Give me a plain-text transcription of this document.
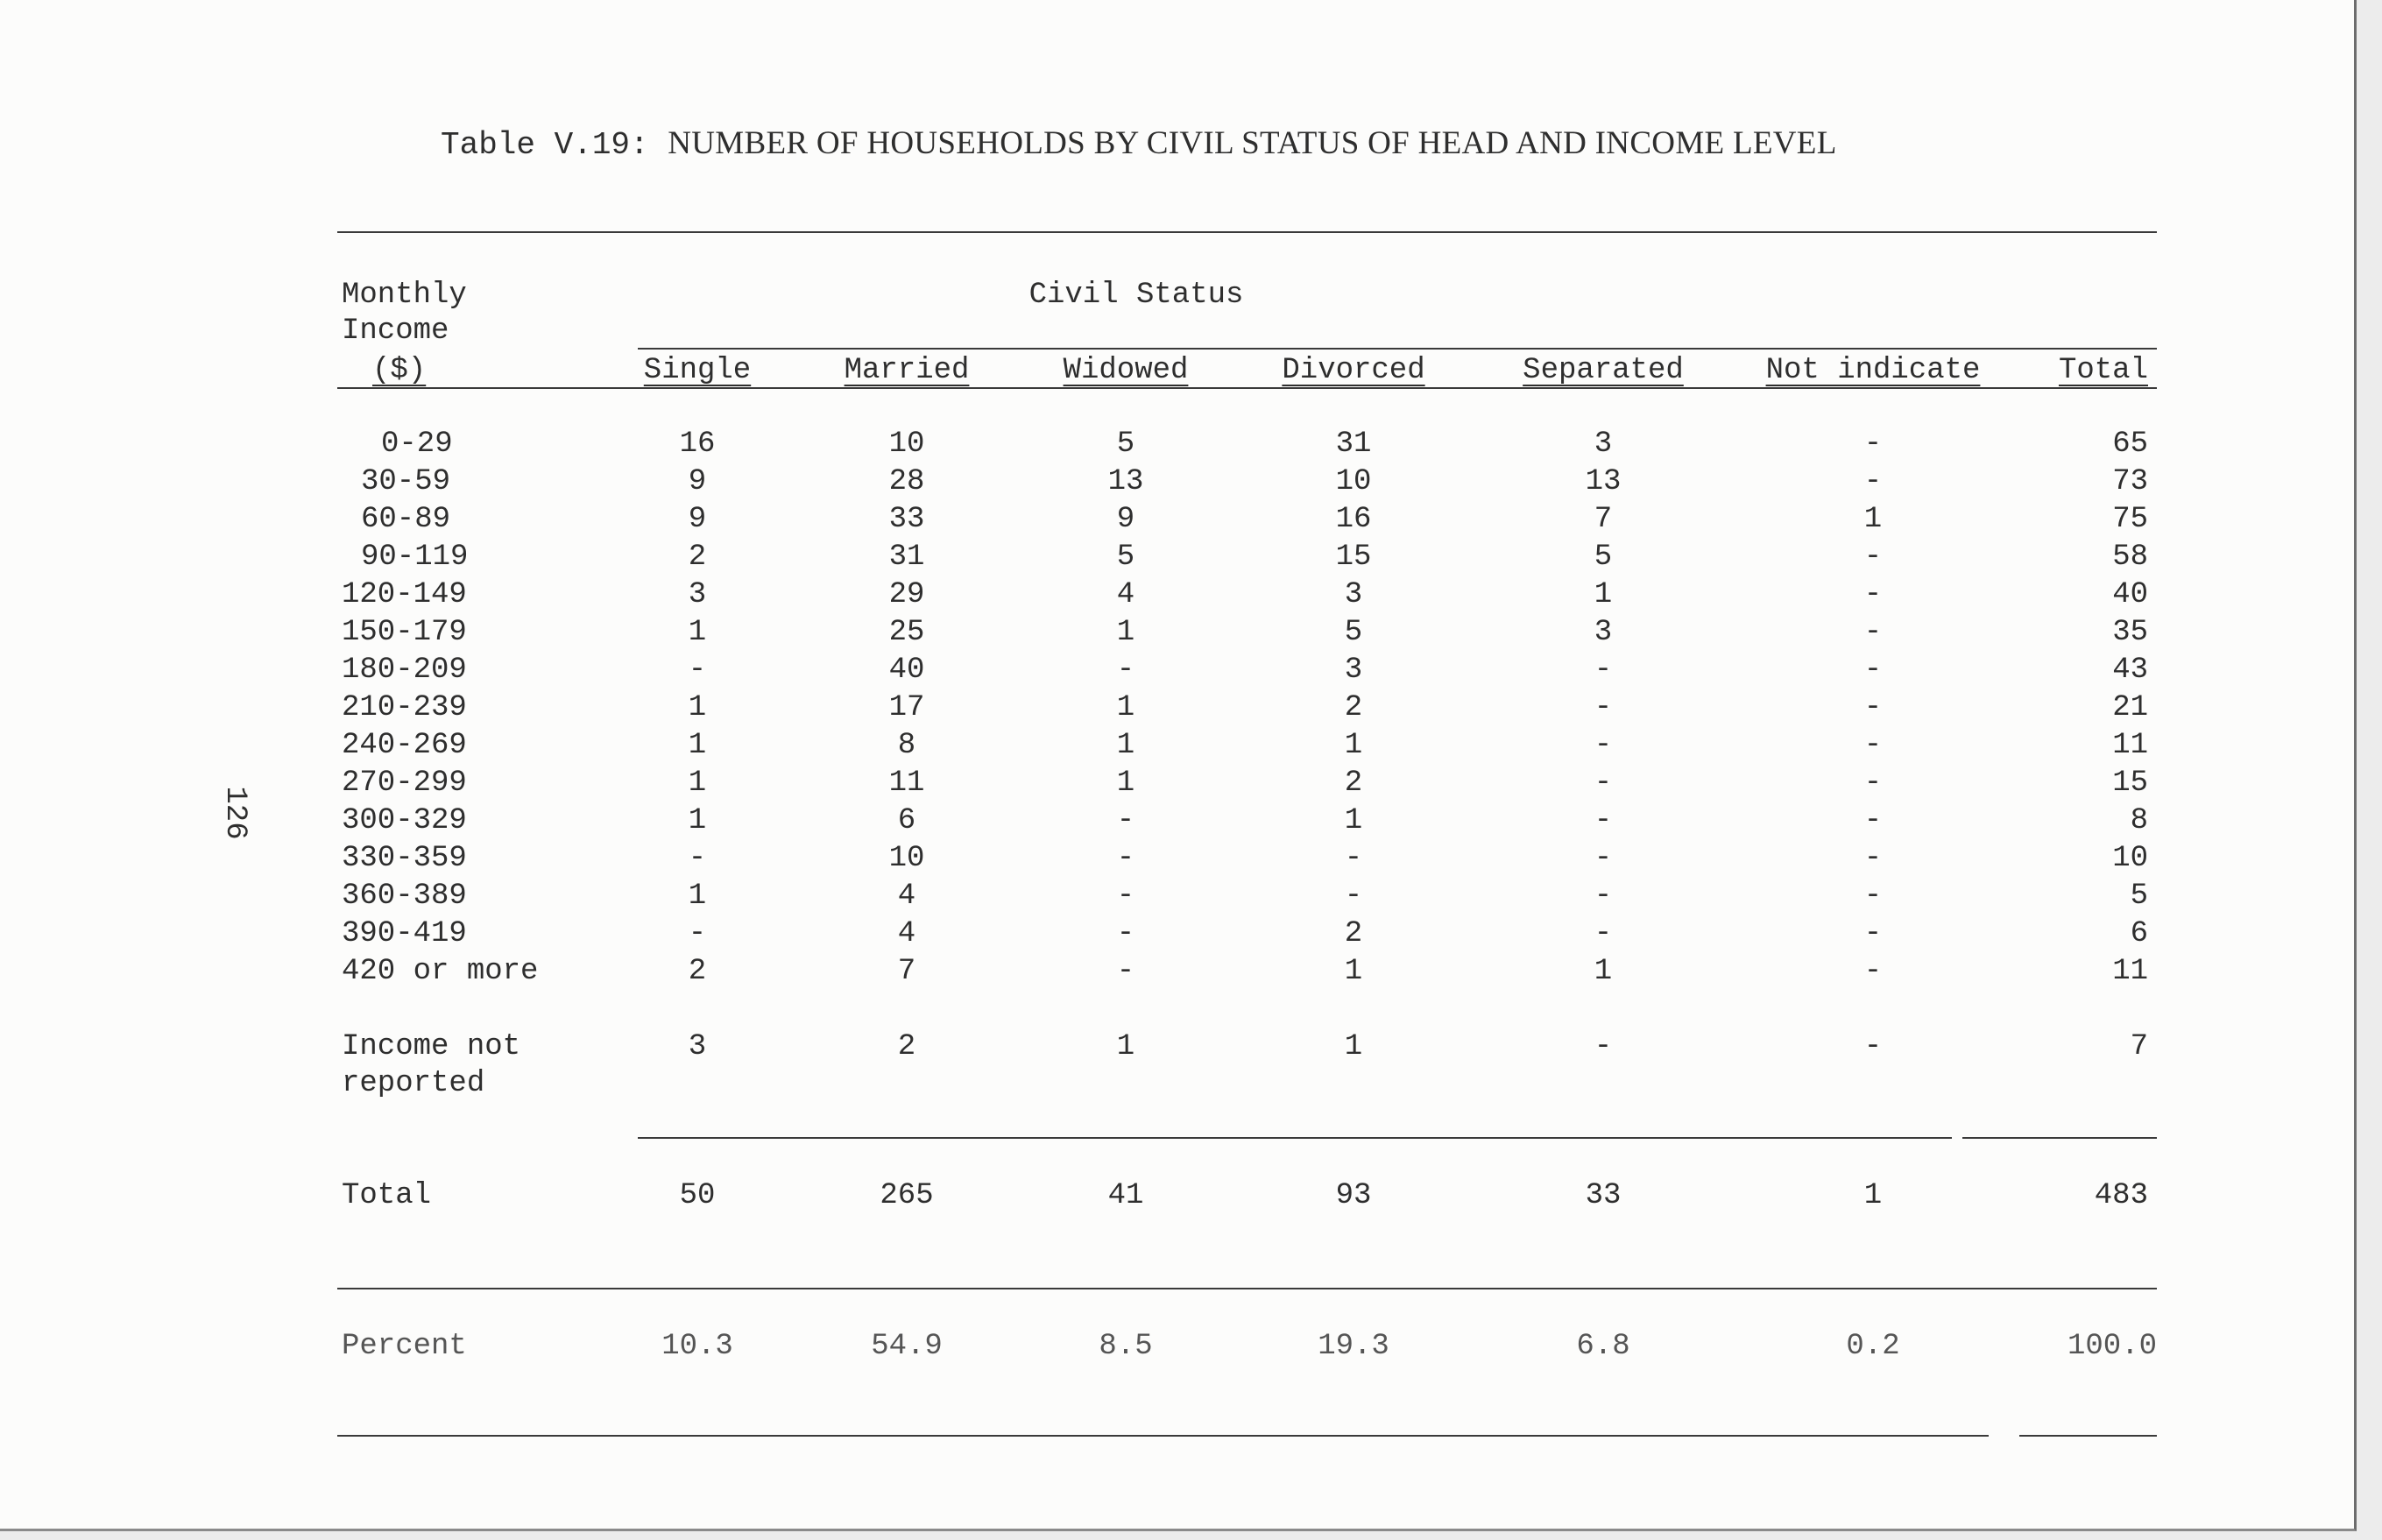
Table V.19: NUMBER OF HOUSEHOLDS BY CIVIL STATUS OF HEAD AND INCOME LEVEL
126
Monthly
Income
($)
Civil Status
Single	Married	Widowed	Divorced	Separated	Not indicate	Total
0-29	16	10	5	31	3	-	65
30-59	9	28	13	10	13	-	73
60-89	9	33	9	16	7	1	75
90-119	2	31	5	15	5	-	58
120-149	3	29	4	3	1	-	40
150-179	1	25	1	5	3	-	35
180-209	-	40	-	3	-	-	43
210-239	1	17	1	2	-	-	21
240-269	1	8	1	1	-	-	11
270-299	1	11	1	2	-	-	15
300-329	1	6	-	1	-	-	8
330-359	-	10	-	-	-	-	10
360-389	1	4	-	-	-	-	5
390-419	-	4	-	2	-	-	6
420 or more	2	7	-	1	1	-	11
Income not
reported
3	2	1	1	-	-	7
Total	50	265	41	93	33	1	483
Percent	10.3	54.9	8.5	19.3	6.8	0.2	100.0
